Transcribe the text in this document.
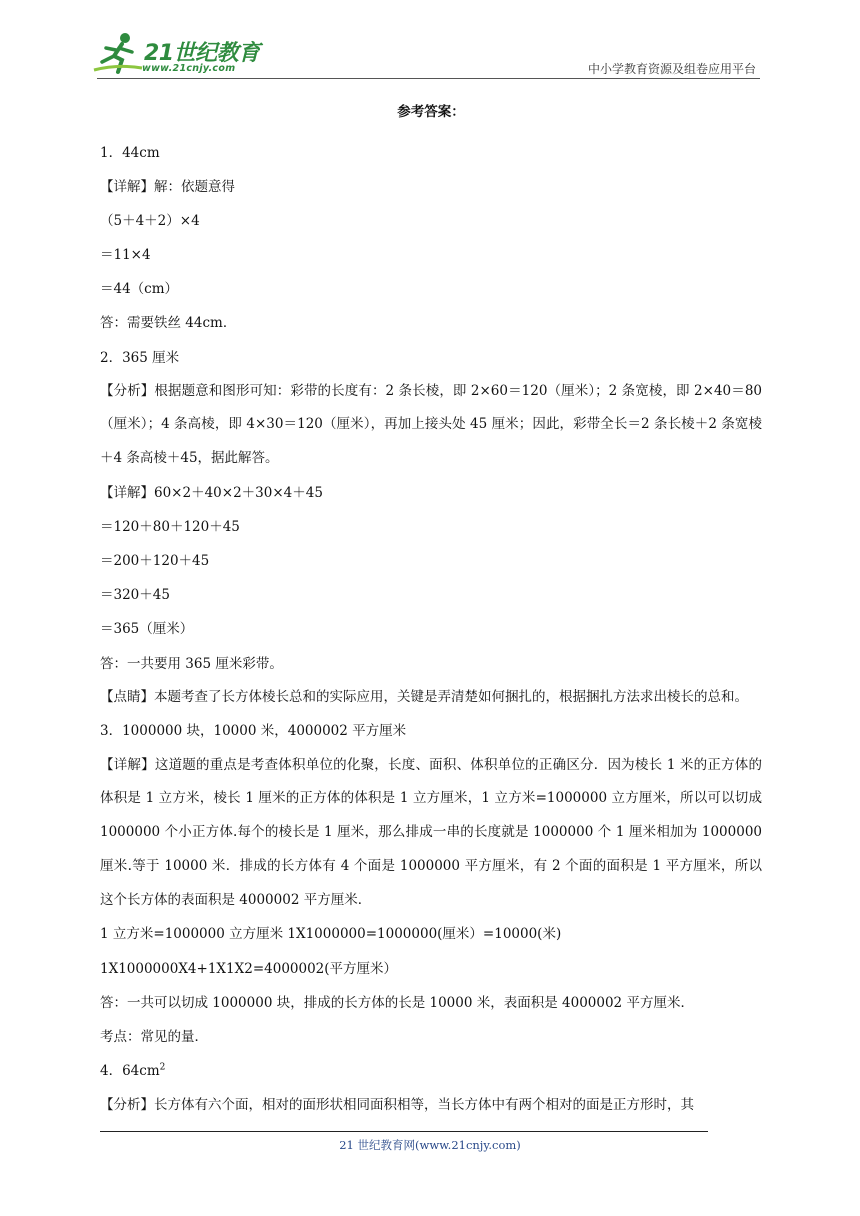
21世纪教育
www.21cnjy.com	中小学教育资源及组卷应用平台
参考答案：

1．44cm

【详解】解：依题意得

（5＋4＋2）×4

＝11×4

＝44（cm）

答：需要铁丝 44cm．

2．365 厘米

【分析】根据题意和图形可知：彩带的长度有：2 条长棱，即 2×60＝120（厘米）；2 条宽棱，即 2×40＝80（厘米）；4 条高棱，即 4×30＝120（厘米），再加上接头处 45 厘米；因此，彩带全长＝2 条长棱＋2 条宽棱＋4 条高棱＋45，据此解答。

【详解】60×2＋40×2＋30×4＋45

＝120＋80＋120＋45

＝200＋120＋45

＝320＋45

＝365（厘米）

答：一共要用 365 厘米彩带。

【点睛】本题考查了长方体棱长总和的实际应用，关键是弄清楚如何捆扎的，根据捆扎方法求出棱长的总和。

3．1000000 块，10000 米，4000002 平方厘米

【详解】这道题的重点是考查体积单位的化聚，长度、面积、体积单位的正确区分．因为棱长 1 米的正方体的体积是 1 立方米，棱长 1 厘米的正方体的体积是 1 立方厘米，1 立方米=1000000 立方厘米，所以可以切成 1000000 个小正方体.每个的棱长是 1 厘米，那么排成一串的长度就是 1000000 个 1 厘米相加为 1000000 厘米.等于 10000 米．排成的长方体有 4 个面是 1000000 平方厘米，有 2 个面的面积是 1 平方厘米，所以这个长方体的表面积是 4000002 平方厘米．

1 立方米=1000000 立方厘米 1X1000000=1000000(厘米）=10000(米)

1X1000000X4+1X1X2=4000002(平方厘米）

答：一共可以切成 1000000 块，排成的长方体的长是 10000 米，表面积是 4000002 平方厘米．

考点：常见的量．

4．$64cm^2$

【分析】长方体有六个面，相对的面形状相同面积相等，当长方体中有两个相对的面是正方形时，其

21 世纪教育网(www.21cnjy.com)
